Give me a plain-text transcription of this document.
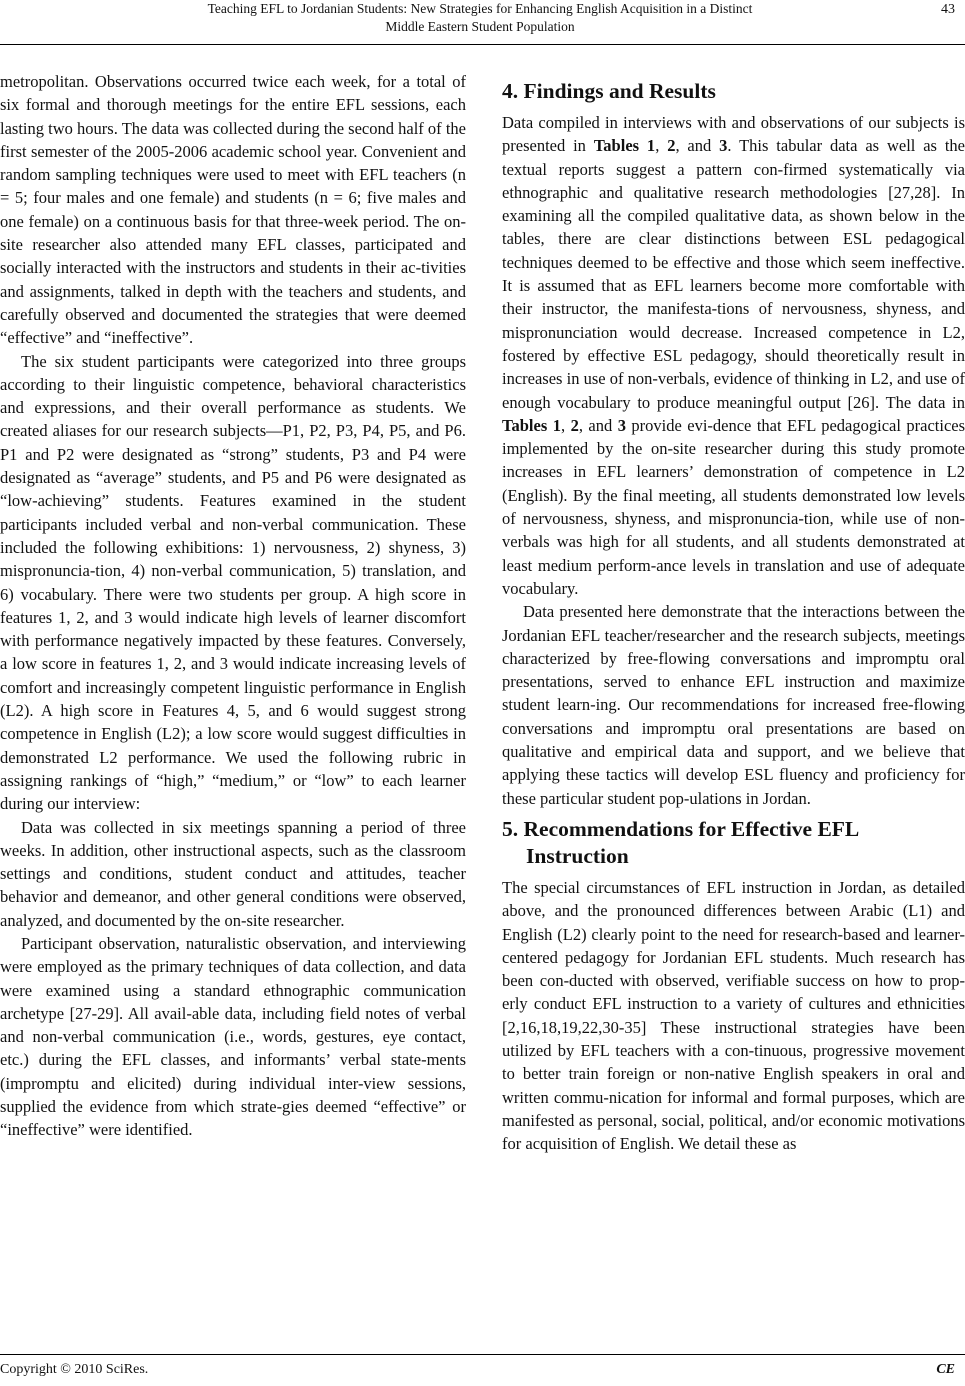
Teaching EFL to Jordanian Students: New Strategies for Enhancing English Acquisition in a Distinct
Middle Eastern Student Population
43

metropolitan. Observations occurred twice each week, for a total of six formal and thorough meetings for the entire EFL sessions, each lasting two hours. The data was collected during the second half of the first semester of the 2005-2006 academic school year. Convenient and random sampling techniques were used to meet with EFL teachers (n = 5; four males and one female) and students (n = 6; five males and one female) on a continuous basis for that three-week period. The on-site researcher also attended many EFL classes, participated and socially interacted with the instructors and students in their ac-tivities and assignments, talked in depth with the teachers and students, and carefully observed and documented the strategies that were deemed “effective” and “ineffective”.

The six student participants were categorized into three groups according to their linguistic competence, behavioral characteristics and expressions, and their overall performance as students. We created aliases for our research subjects—P1, P2, P3, P4, P5, and P6. P1 and P2 were designated as “strong” students, P3 and P4 were designated as “average” students, and P5 and P6 were designated as “low-achieving” students. Features examined in the student participants included verbal and non-verbal communication. These included the following exhibitions: 1) nervousness, 2) shyness, 3) mispronuncia-tion, 4) non-verbal communication, 5) translation, and 6) vocabulary. There were two students per group. A high score in features 1, 2, and 3 would indicate high levels of learner discomfort with performance negatively impacted by these features. Conversely, a low score in features 1, 2, and 3 would indicate increasing levels of comfort and increasingly competent linguistic performance in English (L2). A high score in Features 4, 5, and 6 would suggest strong competence in English (L2); a low score would suggest difficulties in demonstrated L2 performance. We used the following rubric in assigning rankings of “high,” “medium,” or “low” to each learner during our interview:

Data was collected in six meetings spanning a period of three weeks. In addition, other instructional aspects, such as the classroom settings and conditions, student conduct and attitudes, teacher behavior and demeanor, and other general conditions were observed, analyzed, and documented by the on-site researcher.

Participant observation, naturalistic observation, and interviewing were employed as the primary techniques of data collection, and data were examined using a standard ethnographic communication archetype [27-29]. All avail-able data, including field notes of verbal and non-verbal communication (i.e., words, gestures, eye contact, etc.) during the EFL classes, and informants’ verbal state-ments (impromptu and elicited) during individual inter-view sessions, supplied the evidence from which strate-gies deemed “effective” or “ineffective” were identified.

4. Findings and Results

Data compiled in interviews with and observations of our subjects is presented in Tables 1, 2, and 3. This tabular data as well as the textual reports suggest a pattern con-firmed systematically via ethnographic and qualitative research methodologies [27,28]. In examining all the compiled qualitative data, as shown below in the tables, there are clear distinctions between ESL pedagogical techniques deemed to be effective and those which seem ineffective. It is assumed that as EFL learners become more comfortable with their instructor, the manifesta-tions of nervousness, shyness, and mispronunciation would decrease. Increased competence in L2, fostered by effective ESL pedagogy, should theoretically result in increases in use of non-verbals, evidence of thinking in L2, and use of enough vocabulary to produce meaningful output [26]. The data in Tables 1, 2, and 3 provide evi-dence that EFL pedagogical practices implemented by the on-site researcher during this study promote increases in EFL learners’ demonstration of competence in L2 (English). By the final meeting, all students demonstrated low levels of nervousness, shyness, and mispronuncia-tion, while use of non-verbals was high for all students, and all students demonstrated at least medium perform-ance levels in translation and use of adequate vocabulary.

Data presented here demonstrate that the interactions between the Jordanian EFL teacher/researcher and the research subjects, meetings characterized by free-flowing conversations and impromptu oral presentations, served to enhance EFL instruction and maximize student learn-ing. Our recommendations for increased free-flowing conversations and impromptu oral presentations are based on qualitative and empirical data and support, and we believe that applying these tactics will develop ESL fluency and proficiency for these particular student pop-ulations in Jordan.

5. Recommendations for Effective EFL Instruction

The special circumstances of EFL instruction in Jordan, as detailed above, and the pronounced differences between Arabic (L1) and English (L2) clearly point to the need for research-based and learner-centered pedagogy for Jordanian EFL students. Much research has been con-ducted with observed, verifiable success on how to prop-erly conduct EFL instruction to a variety of cultures and ethnicities [2,16,18,19,22,30-35] These instructional strategies have been utilized by EFL teachers with a con-tinuous, progressive movement to better train foreign or non-native English speakers in oral and written commu-nication for informal and formal purposes, which are manifested as personal, social, political, and/or economic motivations for acquisition of English. We detail these as

Copyright © 2010 SciRes.	CE
